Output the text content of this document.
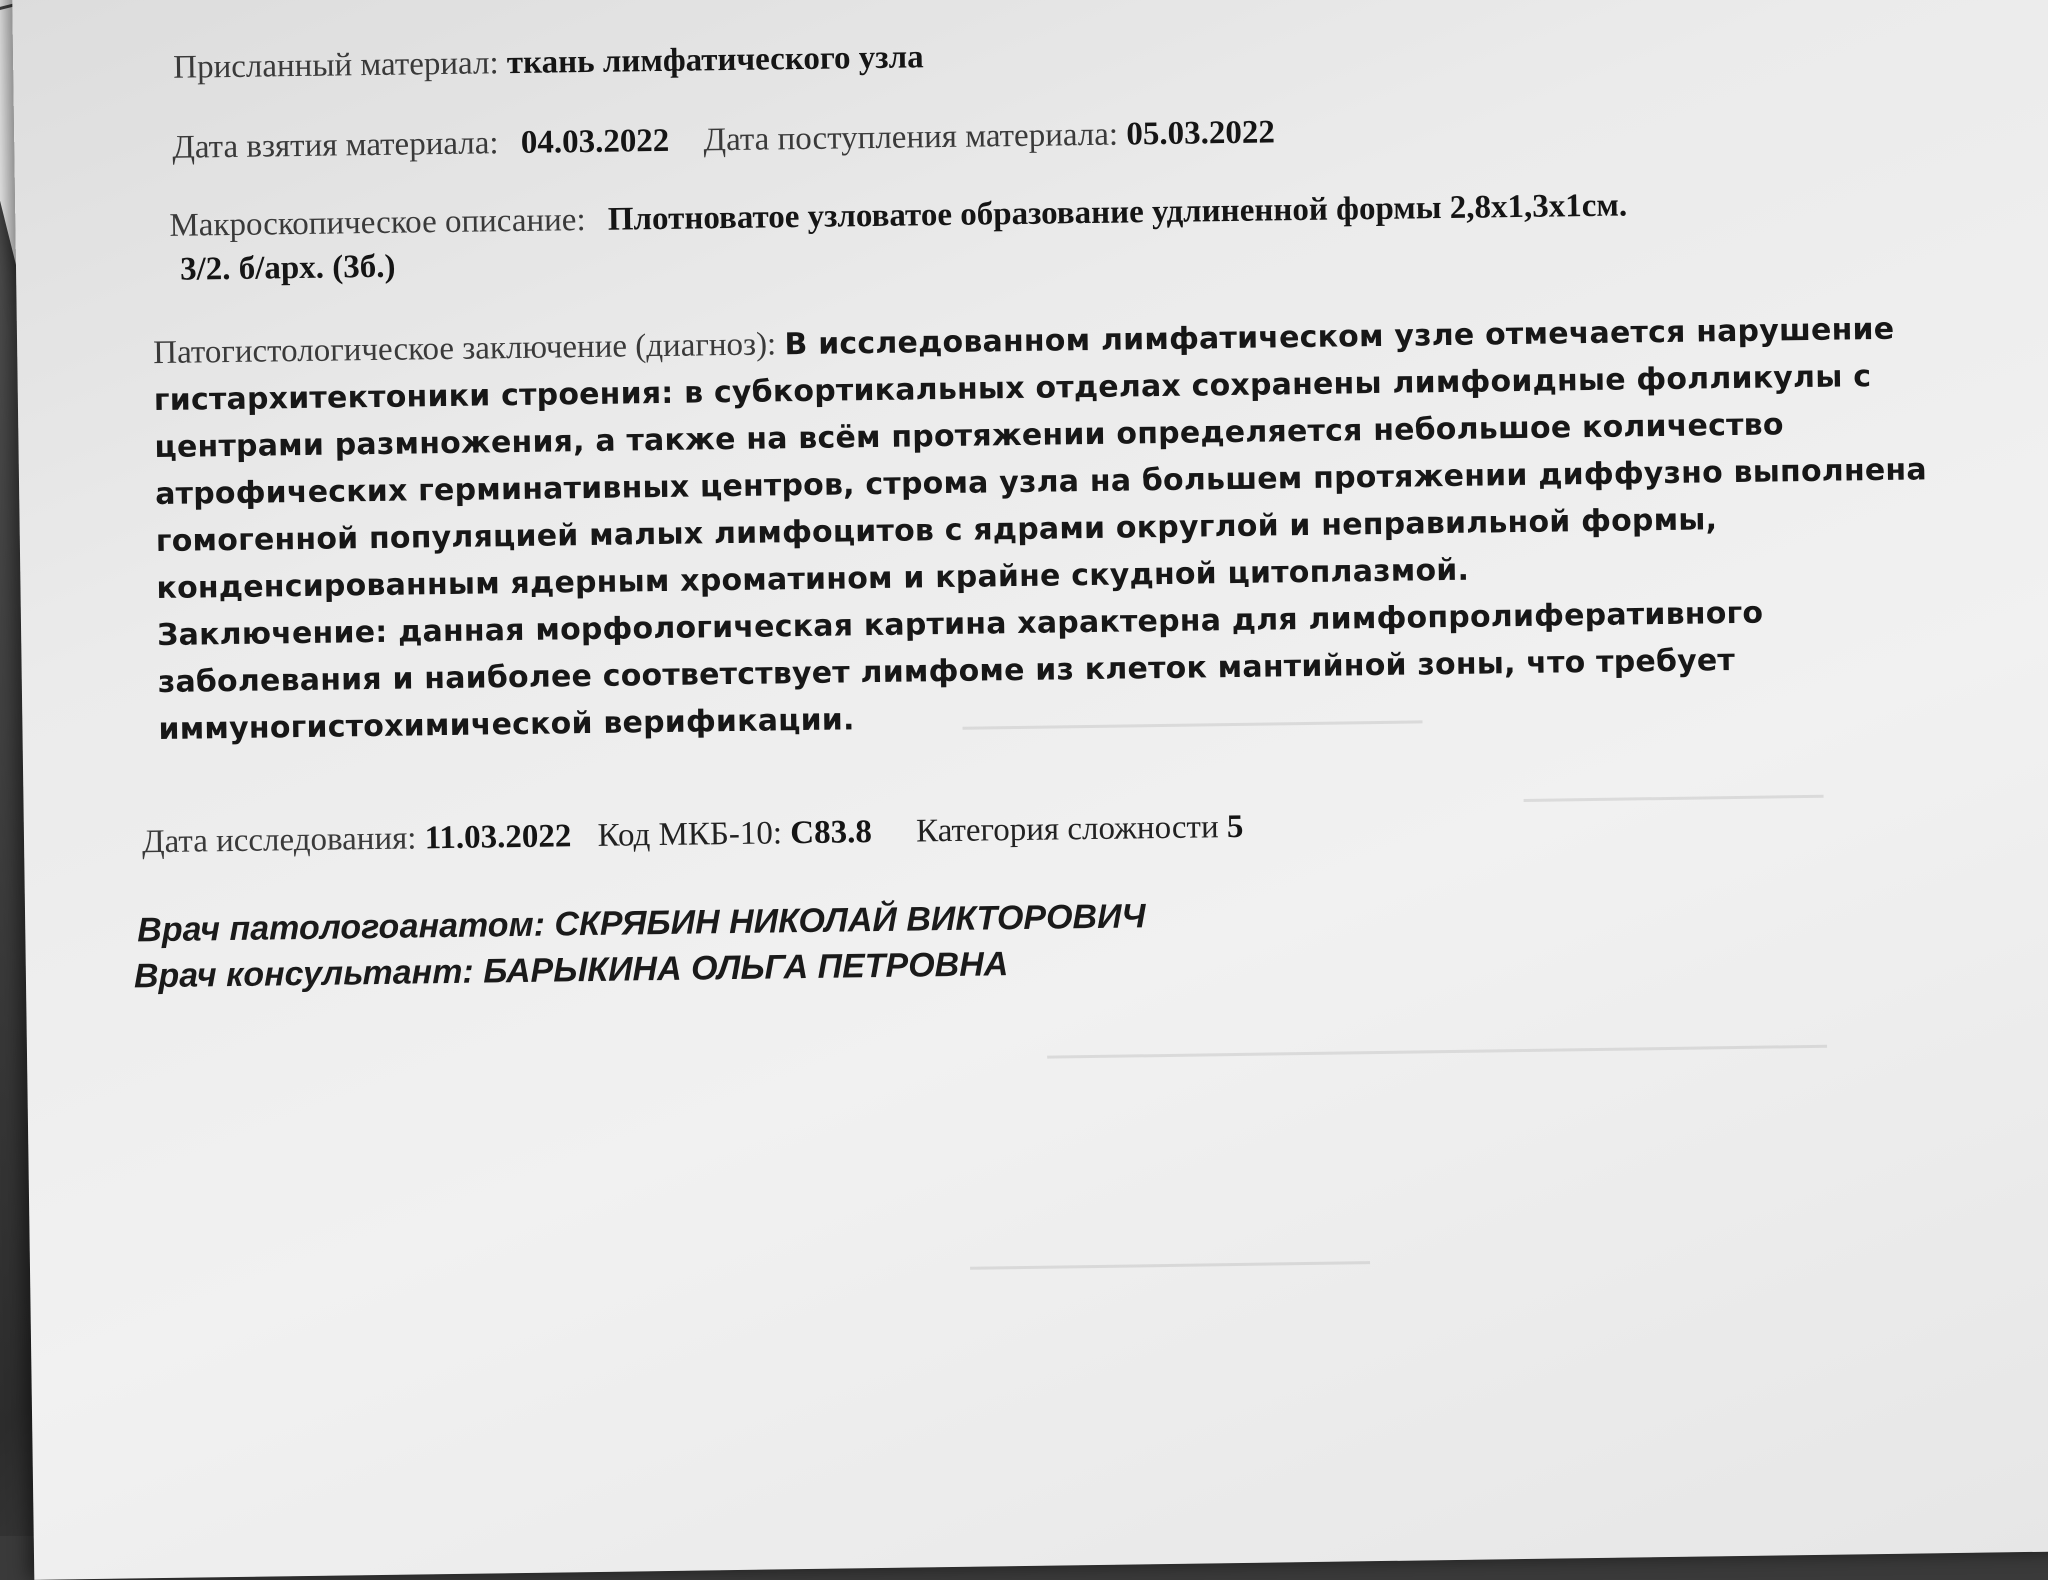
Присланный материал: ткань лимфатического узла
Дата взятия материала: 04.03.2022 Дата поступления материала: 05.03.2022
Макроскопическое описание: Плотноватое узловатое образование удлиненной формы 2,8х1,3х1см.
3/2. б/арх. (3б.)
Патогистологическое заключение (диагноз): В исследованном лимфатическом узле отмечается нарушение гистархитектоники строения: в субкортикальных отделах сохранены лимфоидные фолликулы с центрами размножения, а также на всём протяжении определяется небольшое количество атрофических герминативных центров, строма узла на большем протяжении диффузно выполнена гомогенной популяцией малых лимфоцитов с ядрами округлой и неправильной формы, конденсированным ядерным хроматином и крайне скудной цитоплазмой.
Заключение: данная морфологическая картина характерна для лимфопролиферативного заболевания и наиболее соответствует лимфоме из клеток мантийной зоны, что требует иммуногистохимической верификации.
Дата исследования: 11.03.2022 Код МКБ-10: C83.8 Категория сложности 5
Врач патологоанатом: СКРЯБИН НИКОЛАЙ ВИКТОРОВИЧ
Врач консультант: БАРЫКИНА ОЛЬГА ПЕТРОВНА
